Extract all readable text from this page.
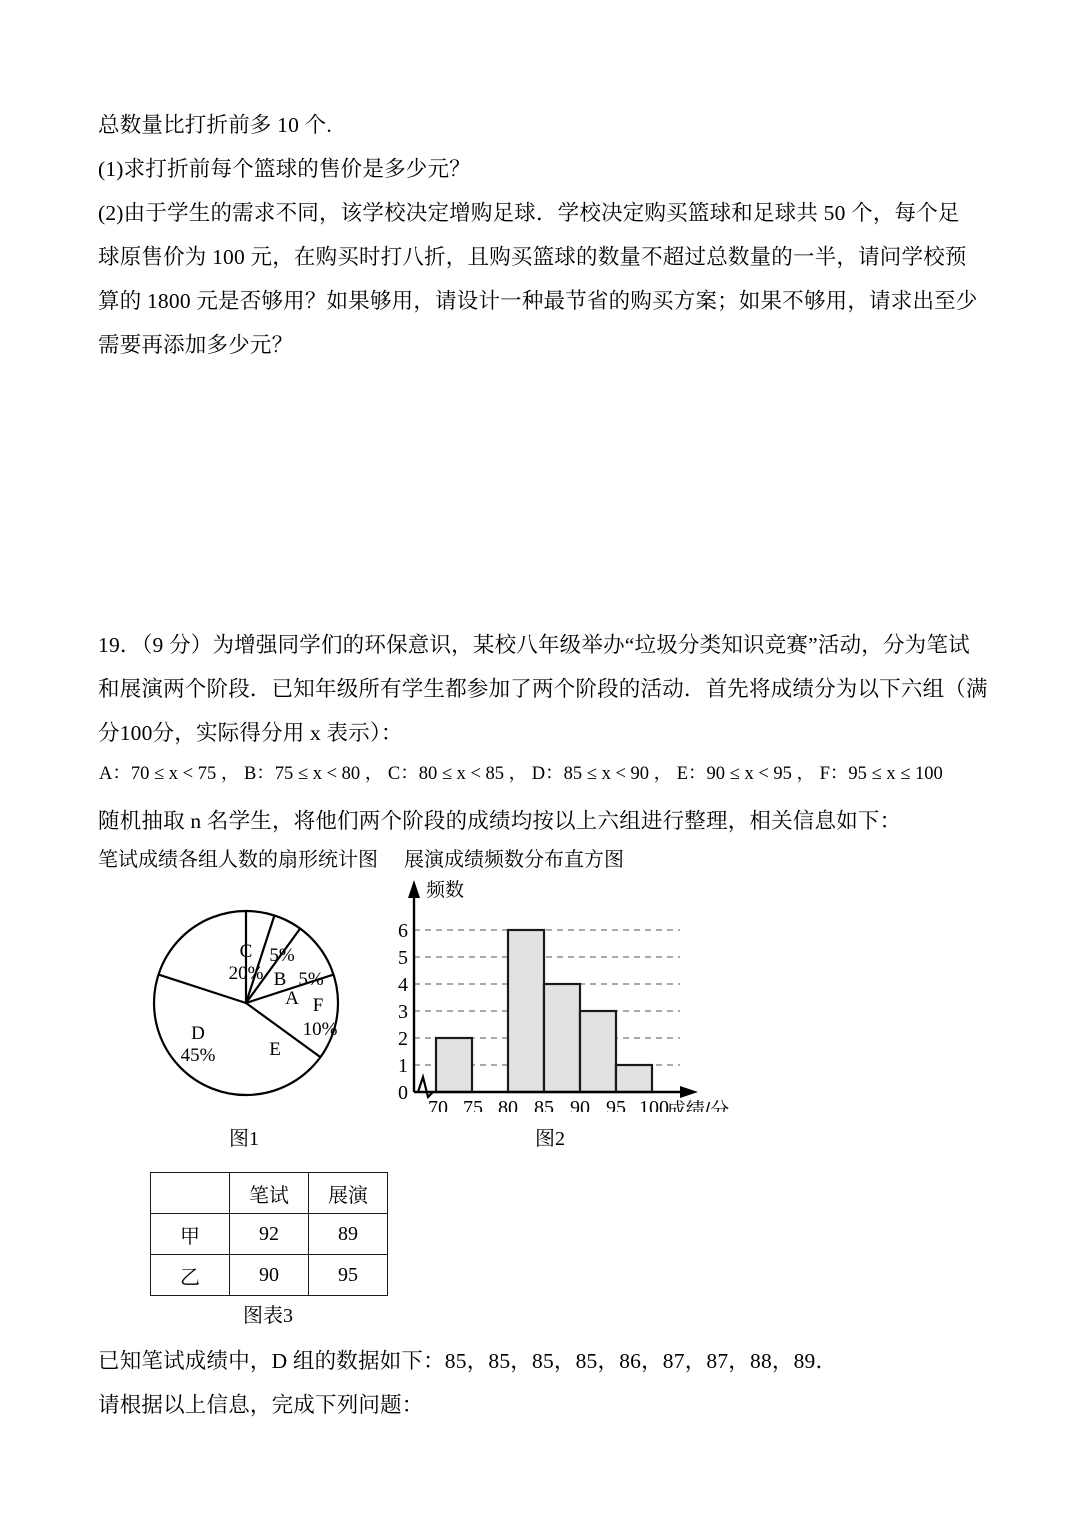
总数量比打折前多 10 个.
(1)求打折前每个篮球的售价是多少元？
(2)由于学生的需求不同，该学校决定增购足球．学校决定购买篮球和足球共 50 个，每个足
球原售价为 100 元，在购买时打八折，且购买篮球的数量不超过总数量的一半，请问学校预
算的 1800 元是否够用？如果够用，请设计一种最节省的购买方案；如果不够用，请求出至少
需要再添加多少元？
19．（9 分）为增强同学们的环保意识，某校八年级举办“垃圾分类知识竞赛”活动，分为笔试
和展演两个阶段．已知年级所有学生都参加了两个阶段的活动．首先将成绩分为以下六组（满
分100分，实际得分用 x 表示）：
A：70 ≤ x < 75 ， B：75 ≤ x < 80 ， C：80 ≤ x < 85 ， D：85 ≤ x < 90 ， E：90 ≤ x < 95 ， F：95 ≤ x ≤ 100
随机抽取 n 名学生，将他们两个阶段的成绩均按以上六组进行整理，相关信息如下：
笔试成绩各组人数的扇形统计图 展演成绩频数分布直方图
C
20%
5%
B 5%
A F
10%
E
D
45%
图1
0
1
2
3
4
5
6
70 75 80 85 90 95 100
频数
成绩/分
图2
	笔试	展演
甲	92	89
乙	90	95
图表3
已知笔试成绩中，D 组的数据如下：85，85，85，85，86，87，87，88，89．
请根据以上信息，完成下列问题：
